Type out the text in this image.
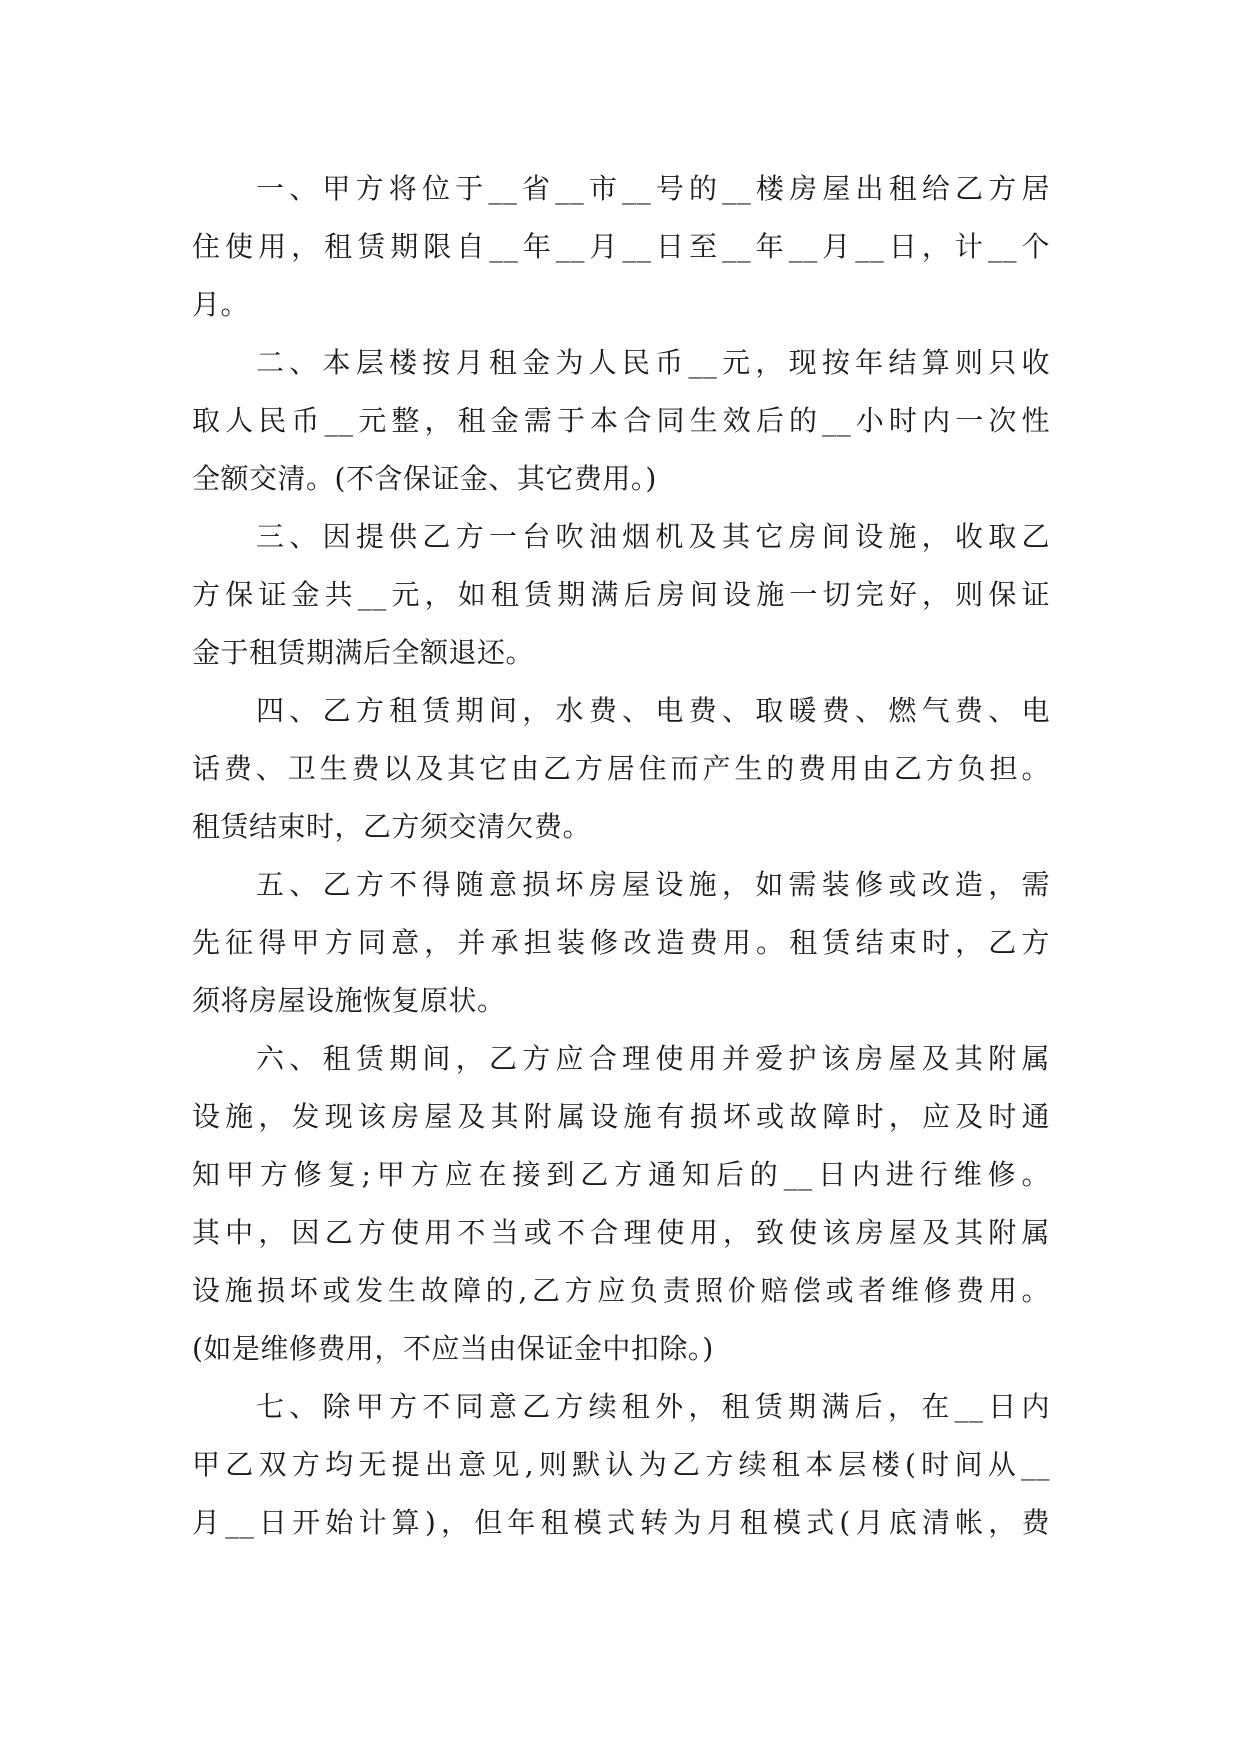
一、甲方将位于__省__市__号的__楼房屋出租给乙方居
住使用，租赁期限自__年__月__日至__年__月__日，计__个
月。
二、本层楼按月租金为人民币__元，现按年结算则只收
取人民币__元整，租金需于本合同生效后的__小时内一次性
全额交清。(不含保证金、其它费用。)
三、因提供乙方一台吹油烟机及其它房间设施，收取乙
方保证金共__元，如租赁期满后房间设施一切完好，则保证
金于租赁期满后全额退还。
四、乙方租赁期间，水费、电费、取暖费、燃气费、电
话费、卫生费以及其它由乙方居住而产生的费用由乙方负担。
租赁结束时，乙方须交清欠费。
五、乙方不得随意损坏房屋设施，如需装修或改造，需
先征得甲方同意，并承担装修改造费用。租赁结束时，乙方
须将房屋设施恢复原状。
六、租赁期间，乙方应合理使用并爱护该房屋及其附属
设施，发现该房屋及其附属设施有损坏或故障时，应及时通
知甲方修复;甲方应在接到乙方通知后的__日内进行维修。
其中，因乙方使用不当或不合理使用，致使该房屋及其附属
设施损坏或发生故障的,乙方应负责照价赔偿或者维修费用。
(如是维修费用，不应当由保证金中扣除。)
七、除甲方不同意乙方续租外，租赁期满后，在__日内
甲乙双方均无提出意见,则默认为乙方续租本层楼(时间从__
月__日开始计算)，但年租模式转为月租模式(月底清帐，费
